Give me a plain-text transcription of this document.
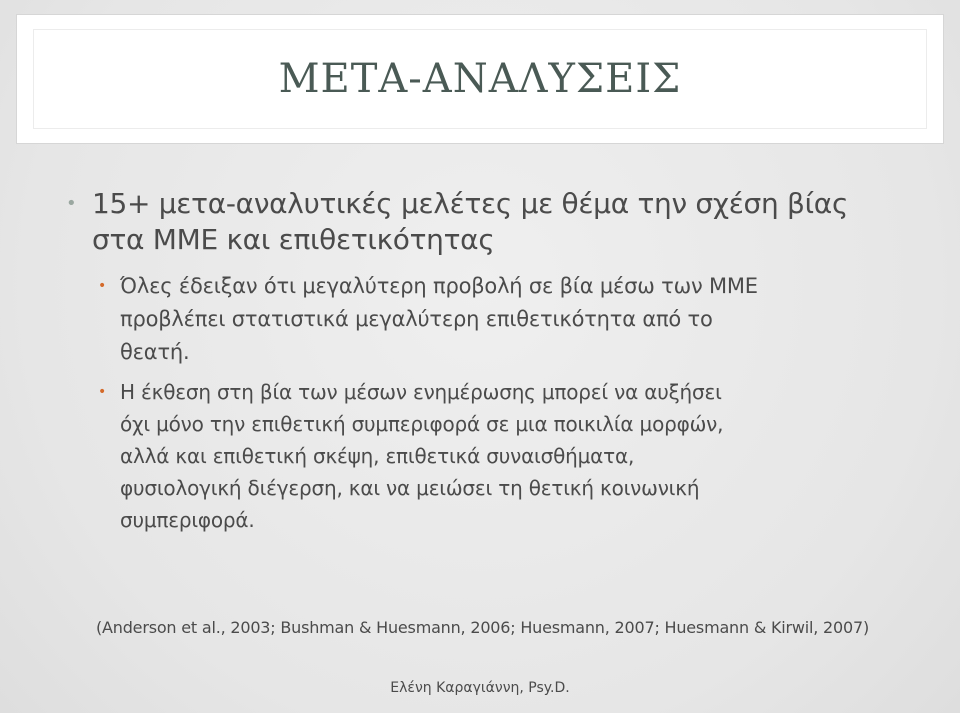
ΜΕΤΑ-ΑΝΑΛΥΣΕΙΣ
• 15+ μετα-αναλυτικές μελέτες με θέμα την σχέση βίας
στα ΜΜΕ και επιθετικότητας
• Όλες έδειξαν ότι μεγαλύτερη προβολή σε βία μέσω των ΜΜΕ
προβλέπει στατιστικά μεγαλύτερη επιθετικότητα από το
θεατή.
• Η έκθεση στη βία των μέσων ενημέρωσης μπορεί να αυξήσει
όχι μόνο την επιθετική συμπεριφορά σε μια ποικιλία μορφών,
αλλά και επιθετική σκέψη, επιθετικά συναισθήματα,
φυσιολογική διέγερση, και να μειώσει τη θετική κοινωνική
συμπεριφορά.
(Anderson et al., 2003; Bushman & Huesmann, 2006; Huesmann, 2007; Huesmann & Kirwil, 2007)
Ελένη Καραγιάννη, Psy.D.
